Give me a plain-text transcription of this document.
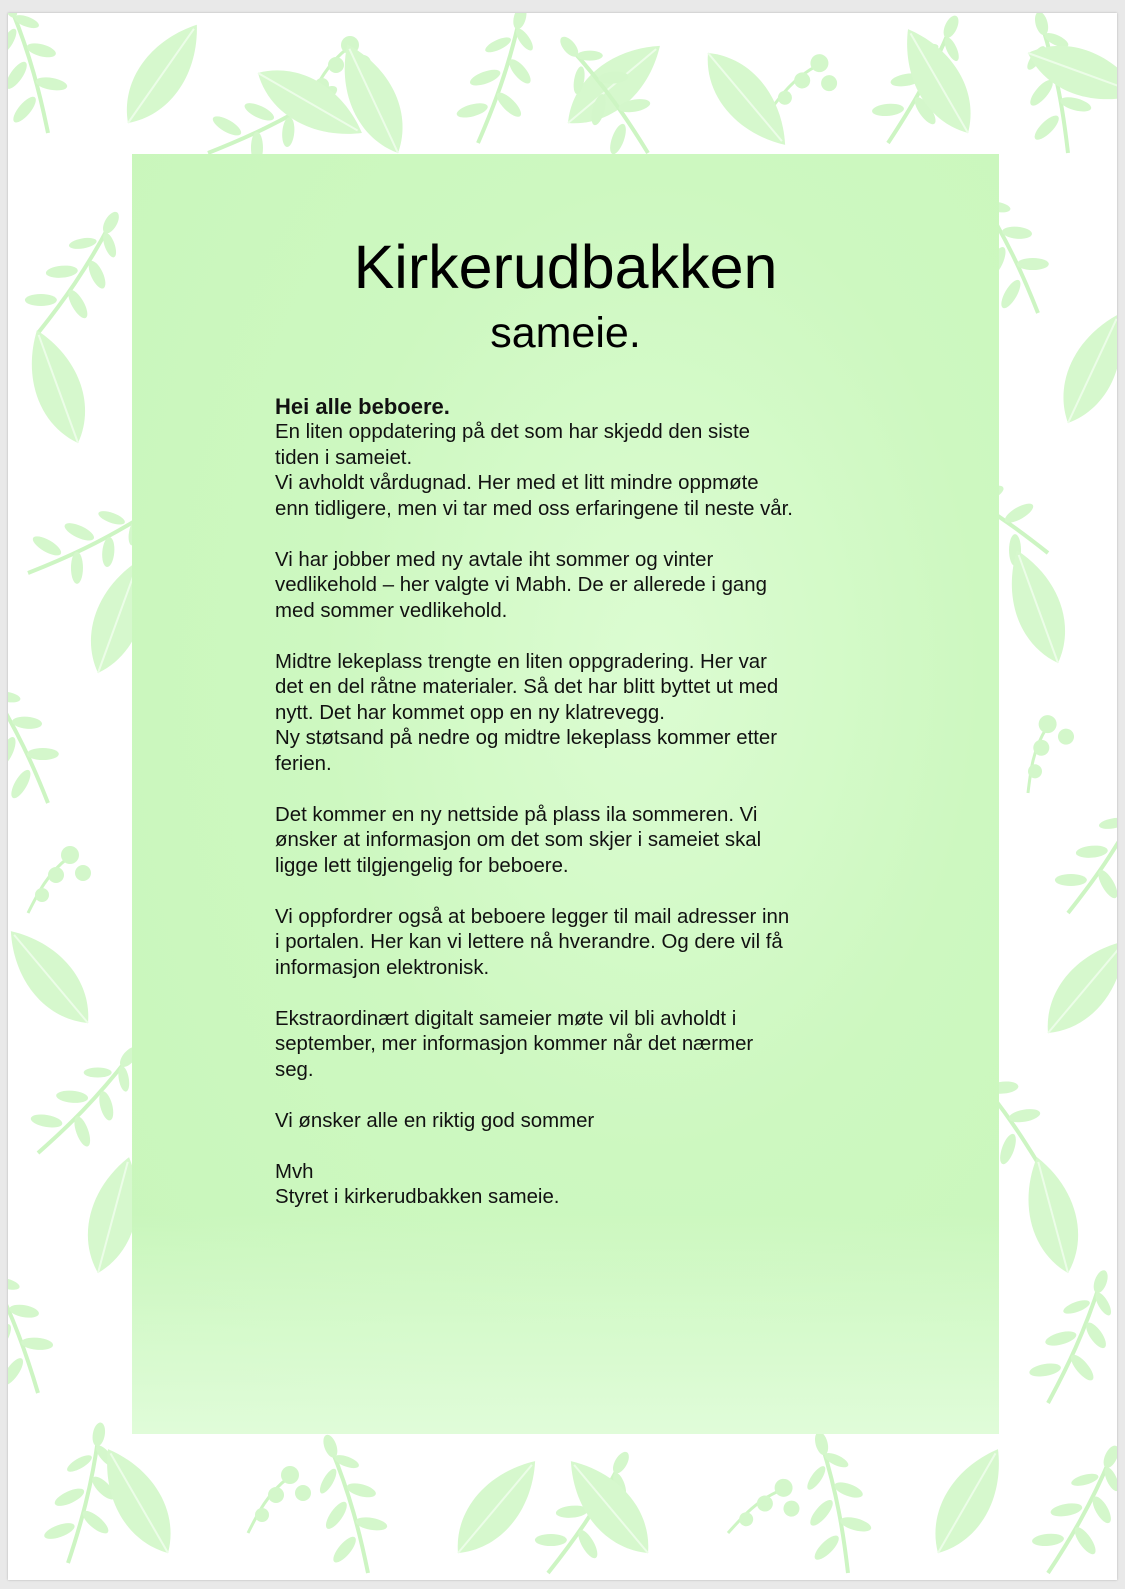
Kirkerudbakken
sameie.

Hei alle beboere.

En liten oppdatering på det som har skjedd den siste

tiden i sameiet.

Vi avholdt vårdugnad. Her med et litt mindre oppmøte

enn tidligere, men vi tar med oss erfaringene til neste vår.

Vi har jobber med ny avtale iht sommer og vinter

vedlikehold – her valgte vi Mabh. De er allerede i gang

med sommer vedlikehold.

Midtre lekeplass trengte en liten oppgradering. Her var

det en del råtne materialer. Så det har blitt byttet ut med

nytt. Det har kommet opp en ny klatrevegg.

Ny støtsand på nedre og midtre lekeplass kommer etter

ferien.

Det kommer en ny nettside på plass ila sommeren. Vi

ønsker at informasjon om det som skjer i sameiet skal

ligge lett tilgjengelig for beboere.

Vi oppfordrer også at beboere legger til mail adresser inn

i portalen. Her kan vi lettere nå hverandre. Og dere vil få

informasjon elektronisk.

Ekstraordinært digitalt sameier møte vil bli avholdt i

september, mer informasjon kommer når det nærmer

seg.

Vi ønsker alle en riktig god sommer

Mvh

Styret i kirkerudbakken sameie.
